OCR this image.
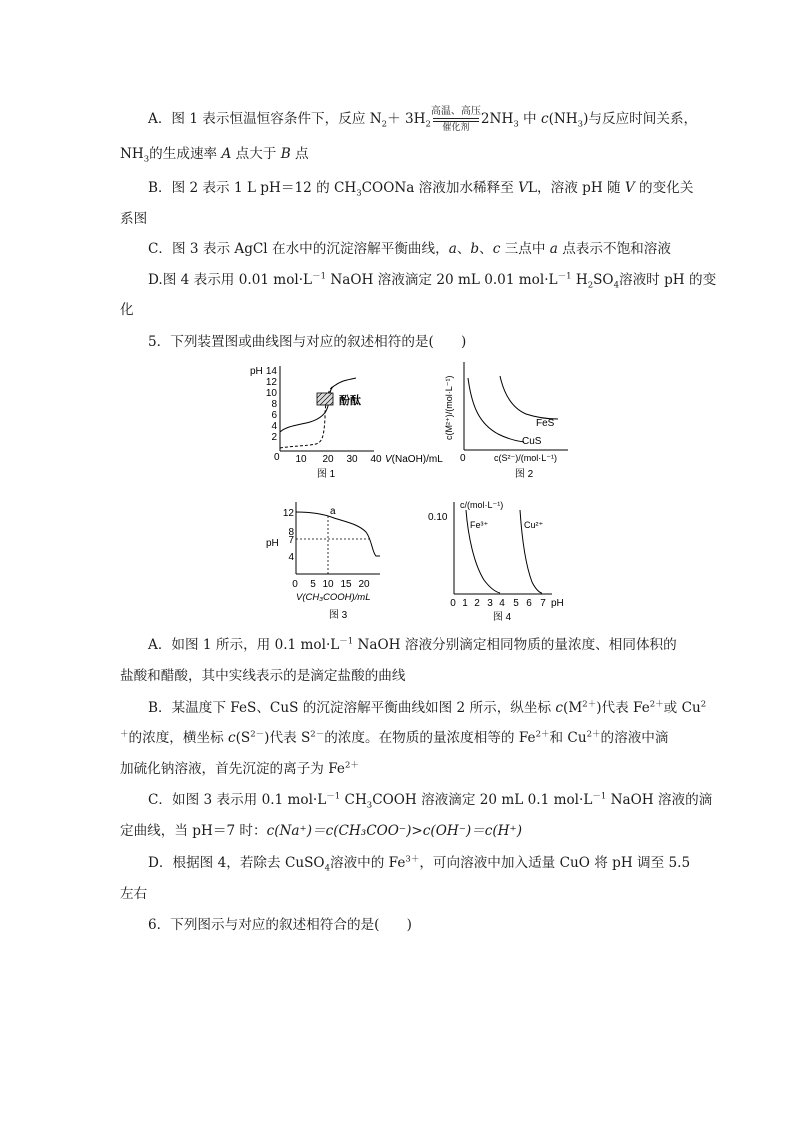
A．图 1 表示恒温恒容条件下，反应 $N_2+ 3H_2$
高温、高压
催化剂
$2NH_3$ 中 $c(NH_3)$与反应时间关系，
$NH_3$的生成速率 A 点大于 B 点
B．图 2 表示 1 L pH＝12 的 $CH_3COONa$ 溶液加水稀释至 VL，溶液 pH 随 V 的变化关
系图
C．图 3 表示 AgCl 在水中的沉淀溶解平衡曲线，a、b、c 三点中 a 点表示不饱和溶液
D.图 4 表示用 0.01 $mol\cdot L^{-1}$ NaOH 溶液滴定 20 mL 0.01 $mol\cdot L^{-1}$ $H_2SO_4$溶液时 pH 的变
化
5．下列装置图或曲线图与对应的叙述相符的是(　　)
pH 14
12
10
8
6
4
2
0
酚酞
10 20 30 40 V(NaOH)/mL
图 1
c(M²⁺)/(mol·L⁻¹)	FeS
CuS
0	c(S²⁻)/(mol·L⁻¹)
图 2
pH
12
8
7
4
a
0 5 10 15 20
V(CH₃COOH)/mL
图 3
c/(mol·L⁻¹)
0.10
Fe³⁺	Cu²⁺
0 1 2 3 4 5 6 7 pH
图 4
A．如图 1 所示，用 0.1 $mol\cdot L^{-1}$ NaOH 溶液分别滴定相同物质的量浓度、相同体积的
盐酸和醋酸，其中实线表示的是滴定盐酸的曲线
B．某温度下 FeS、CuS 的沉淀溶解平衡曲线如图 2 所示，纵坐标 $c(M^{2+})$代表 $Fe^{2+}$或 Cu$^2$
＋的浓度，横坐标 $c(S^{2-})$代表 $S^{2-}$的浓度。在物质的量浓度相等的 $Fe^{2+}$和 $Cu^{2+}$的溶液中滴
加硫化钠溶液，首先沉淀的离子为 $Fe^{2+}$
C．如图 3 表示用 0.1 $mol\cdot L^{-1}$ $CH_3COOH$ 溶液滴定 20 mL 0.1 $mol\cdot L^{-1}$ NaOH 溶液的滴
定曲线，当 pH＝7 时：c(Na⁺)＝c(CH₃COO⁻)>c(OH⁻)＝c(H⁺)
D．根据图 4，若除去 CuSO$_4$溶液中的 $Fe^{3+}$，可向溶液中加入适量 CuO 将 pH 调至 5.5
左右
6．下列图示与对应的叙述相符合的是(　　)
